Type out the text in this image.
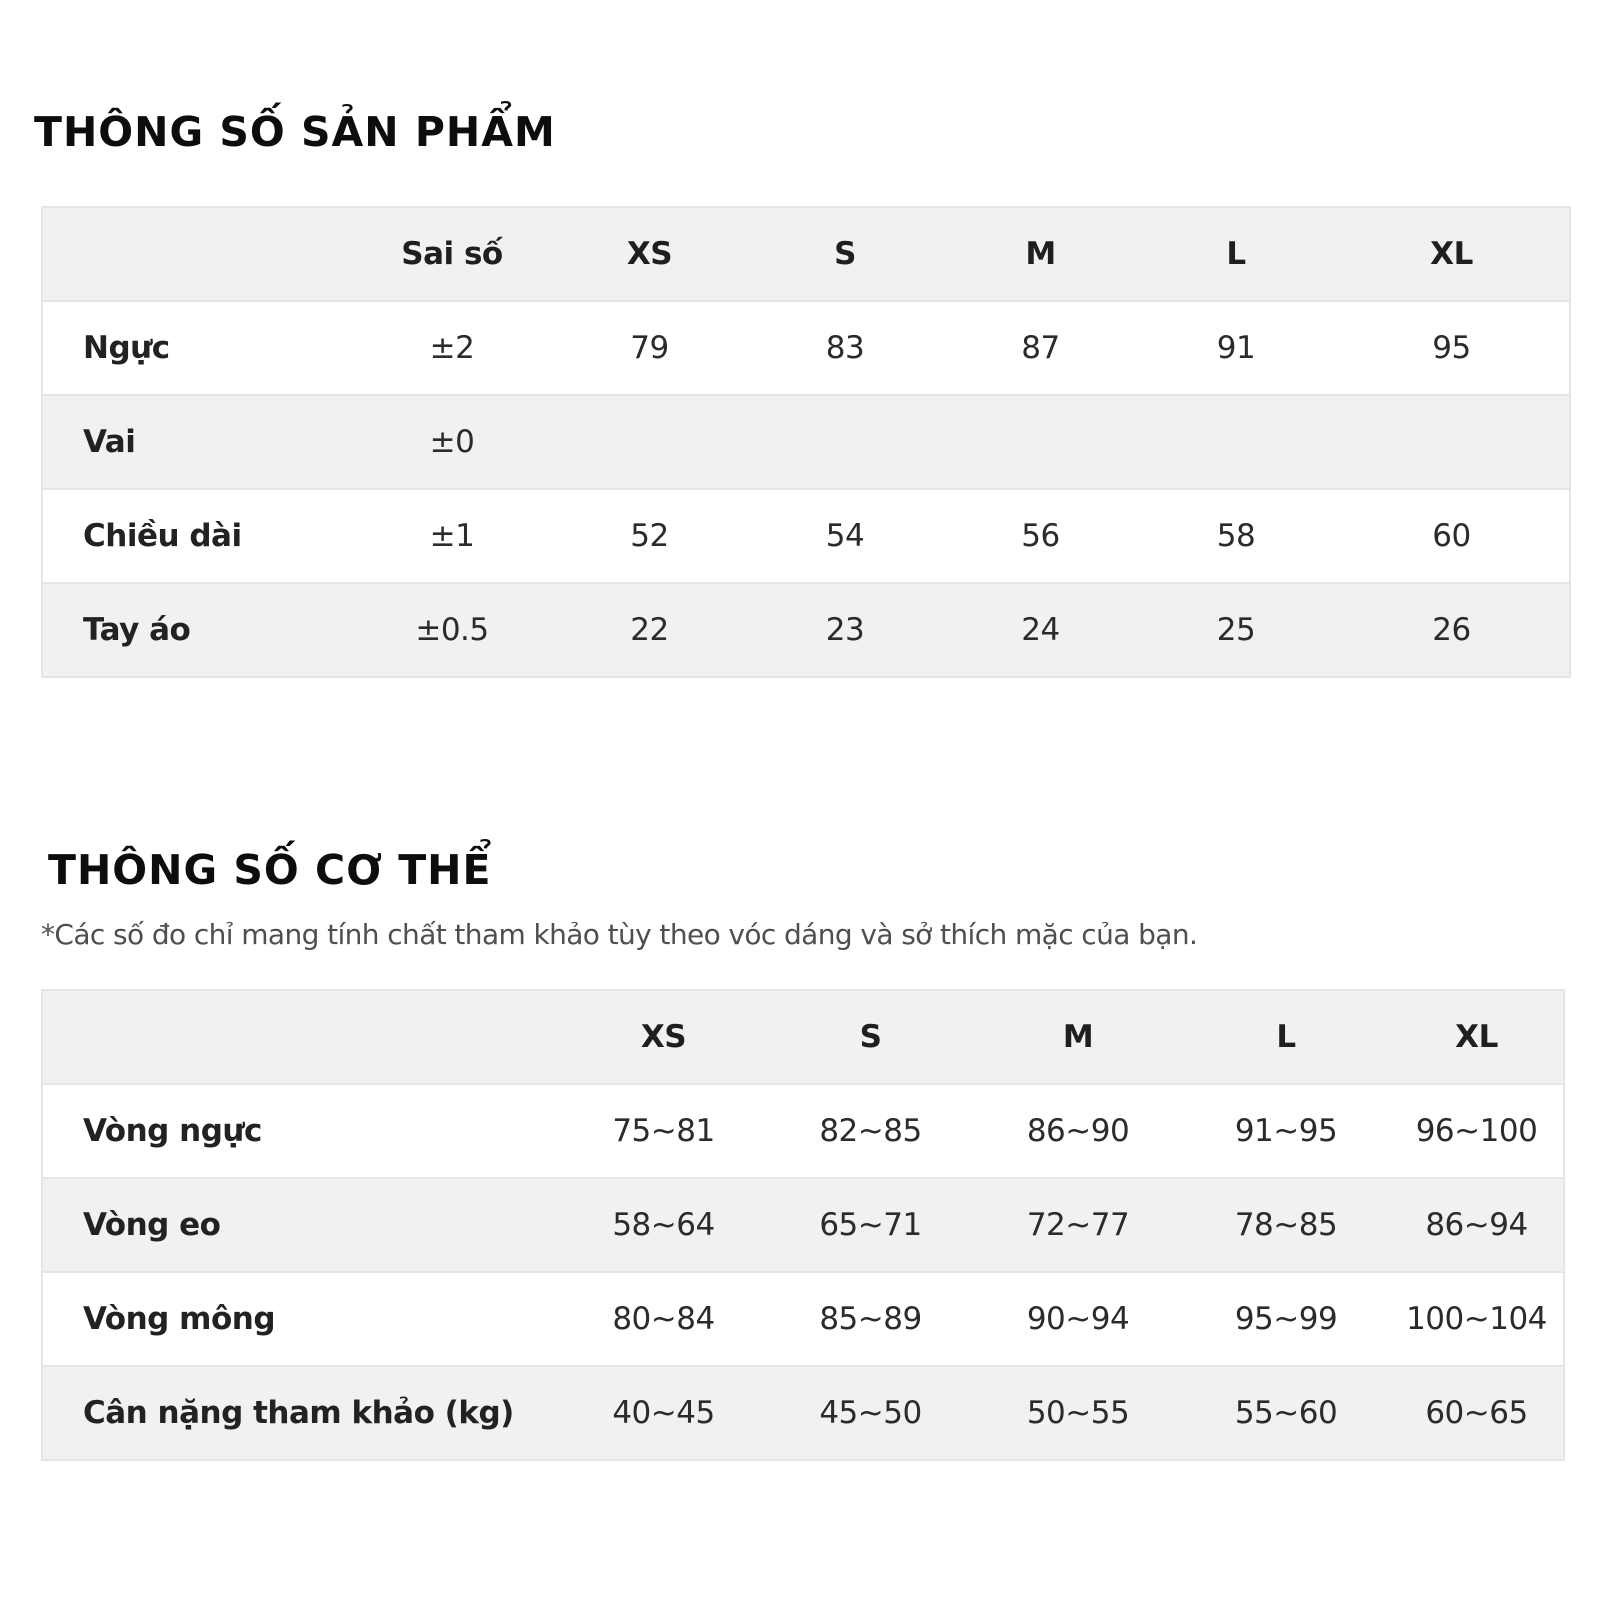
THÔNG SỐ SẢN PHẨM
	Sai số	XS	S	M	L	XL
Ngực	±2	79	83	87	91	95
Vai	±0					
Chiều dài	±1	52	54	56	58	60
Tay áo	±0.5	22	23	24	25	26
THÔNG SỐ CƠ THỂ

*Các số đo chỉ mang tính chất tham khảo tùy theo vóc dáng và sở thích mặc của bạn.

	XS	S	M	L	XL
Vòng ngực	75~81	82~85	86~90	91~95	96~100
Vòng eo	58~64	65~71	72~77	78~85	86~94
Vòng mông	80~84	85~89	90~94	95~99	100~104
Cân nặng tham khảo (kg)	40~45	45~50	50~55	55~60	60~65
